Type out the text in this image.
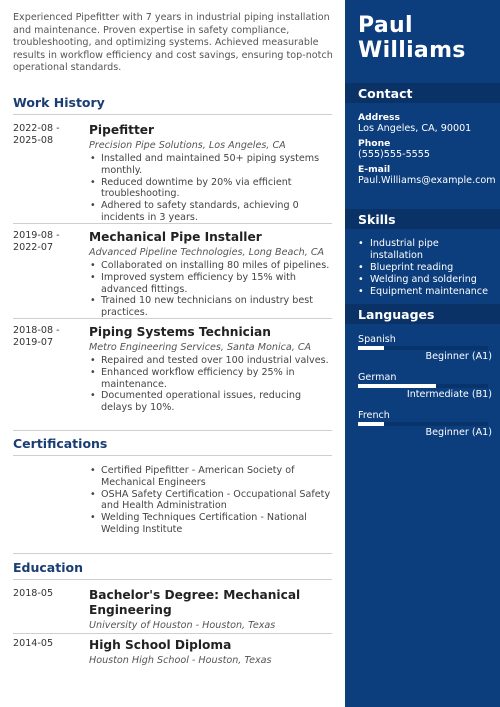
Experienced Pipefitter with 7 years in industrial piping installation and maintenance. Proven expertise in safety compliance, troubleshooting, and optimizing systems. Achieved measurable results in workflow efficiency and cost savings, ensuring top-notch operational standards.

Work History
2022-08 -
2025-08
Pipefitter
Precision Pipe Solutions, Los Angeles, CA
• Installed and maintained 50+ piping systems monthly.
• Reduced downtime by 20% via efficient troubleshooting.
• Adhered to safety standards, achieving 0 incidents in 3 years.
2019-08 -
2022-07
Mechanical Pipe Installer
Advanced Pipeline Technologies, Long Beach, CA
• Collaborated on installing 80 miles of pipelines.
• Improved system efficiency by 15% with advanced fittings.
• Trained 10 new technicians on industry best practices.
2018-08 -
2019-07
Piping Systems Technician
Metro Engineering Services, Santa Monica, CA
• Repaired and tested over 100 industrial valves.
• Enhanced workflow efficiency by 25% in maintenance.
• Documented operational issues, reducing delays by 10%.
Certifications
• Certified Pipefitter - American Society of Mechanical Engineers
• OSHA Safety Certification - Occupational Safety and Health Administration
• Welding Techniques Certification - National Welding Institute
Education
2018-05	Bachelor's Degree: Mechanical Engineering
University of Houston - Houston, Texas
2014-05	High School Diploma
Houston High School - Houston, Texas
Paul
Williams
Contact
Address
Los Angeles, CA, 90001
Phone
(555)555-5555
E-mail
Paul.Williams@example.com
Skills
• Industrial pipe installation
• Blueprint reading
• Welding and soldering
• Equipment maintenance
Languages
Spanish
Beginner (A1)
German
Intermediate (B1)
French
Beginner (A1)
